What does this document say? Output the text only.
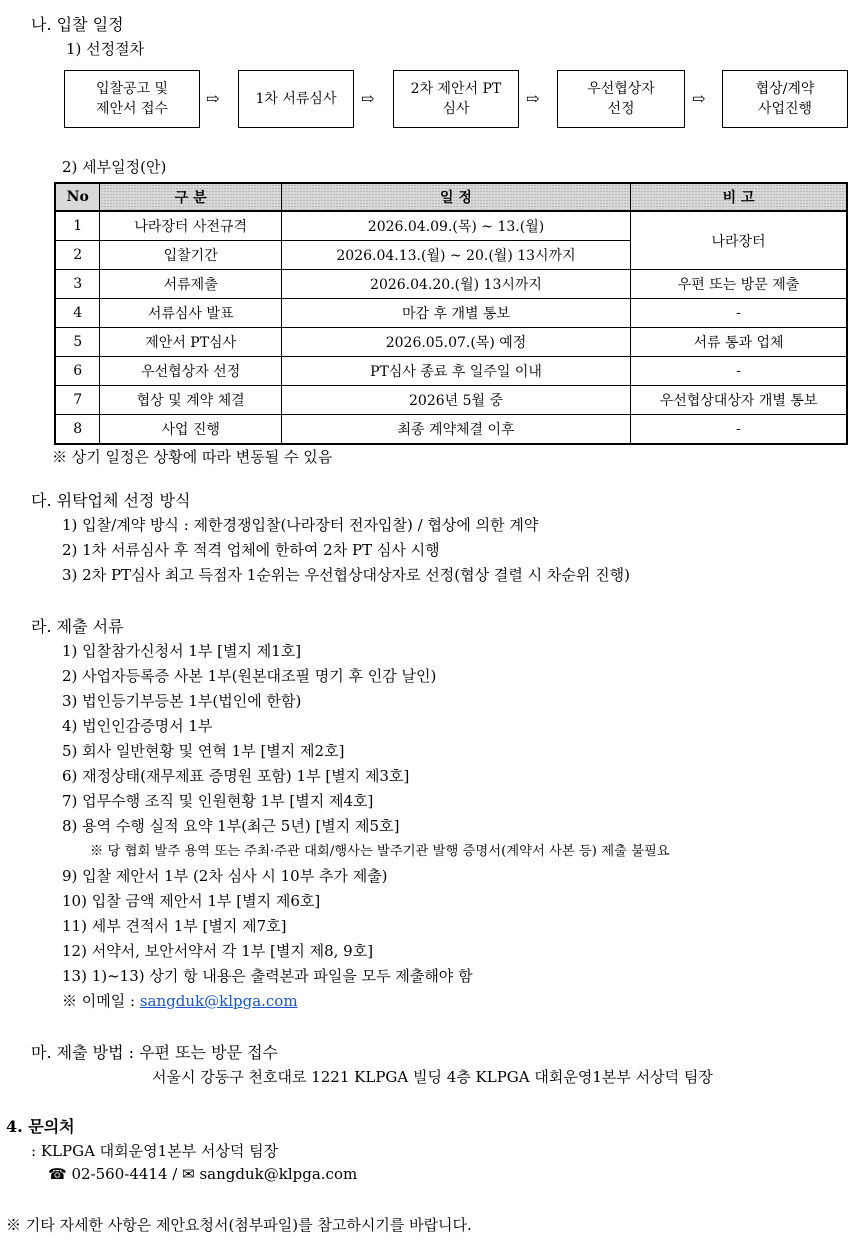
나. 입찰 일정
1) 선정절차
입찰공고 및
제안서 접수
⇨	1차 서류심사 ⇨	2차 제안서 PT
심사
⇨	우선협상자
선정
⇨	협상/계약
사업진행
2) 세부일정(안)
No	구 분	일 정	비 고
1	나라장터 사전규격	2026.04.09.(목) ~ 13.(월)	나라장터
2	입찰기간	2026.04.13.(월) ~ 20.(월) 13시까지	
3	서류제출	2026.04.20.(월) 13시까지	우편 또는 방문 제출
4	서류심사 발표	마감 후 개별 통보	-
5	제안서 PT심사	2026.05.07.(목) 예정	서류 통과 업체
6	우선협상자 선정	PT심사 종료 후 일주일 이내	-
7	협상 및 계약 체결	2026년 5월 중	우선협상대상자 개별 통보
8	사업 진행	최종 계약체결 이후	-
※ 상기 일정은 상황에 따라 변동될 수 있음
다. 위탁업체 선정 방식
1) 입찰/계약 방식 : 제한경쟁입찰(나라장터 전자입찰) / 협상에 의한 계약
2) 1차 서류심사 후 적격 업체에 한하여 2차 PT 심사 시행
3) 2차 PT심사 최고 득점자 1순위는 우선협상대상자로 선정(협상 결렬 시 차순위 진행)
라. 제출 서류
1) 입찰참가신청서 1부 [별지 제1호]
2) 사업자등록증 사본 1부(원본대조필 명기 후 인감 날인)
3) 법인등기부등본 1부(법인에 한함)
4) 법인인감증명서 1부
5) 회사 일반현황 및 연혁 1부 [별지 제2호]
6) 재정상태(재무제표 증명원 포함) 1부 [별지 제3호]
7) 업무수행 조직 및 인원현황 1부 [별지 제4호]
8) 용역 수행 실적 요약 1부(최근 5년) [별지 제5호]
※ 당 협회 발주 용역 또는 주최·주관 대회/행사는 발주기관 발행 증명서(계약서 사본 등) 제출 불필요
9) 입찰 제안서 1부 (2차 심사 시 10부 추가 제출)
10) 입찰 금액 제안서 1부 [별지 제6호]
11) 세부 견적서 1부 [별지 제7호]
12) 서약서, 보안서약서 각 1부 [별지 제8, 9호]
13) 1)~13) 상기 항 내용은 출력본과 파일을 모두 제출해야 함
※ 이메일 : sangduk@klpga.com
마. 제출 방법 : 우편 또는 방문 접수
서울시 강동구 천호대로 1221 KLPGA 빌딩 4층 KLPGA 대회운영1본부 서상덕 팀장
4. 문의처
: KLPGA 대회운영1본부 서상덕 팀장
☎ 02-560-4414 / ✉ sangduk@klpga.com
※ 기타 자세한 사항은 제안요청서(첨부파일)를 참고하시기를 바랍니다.
